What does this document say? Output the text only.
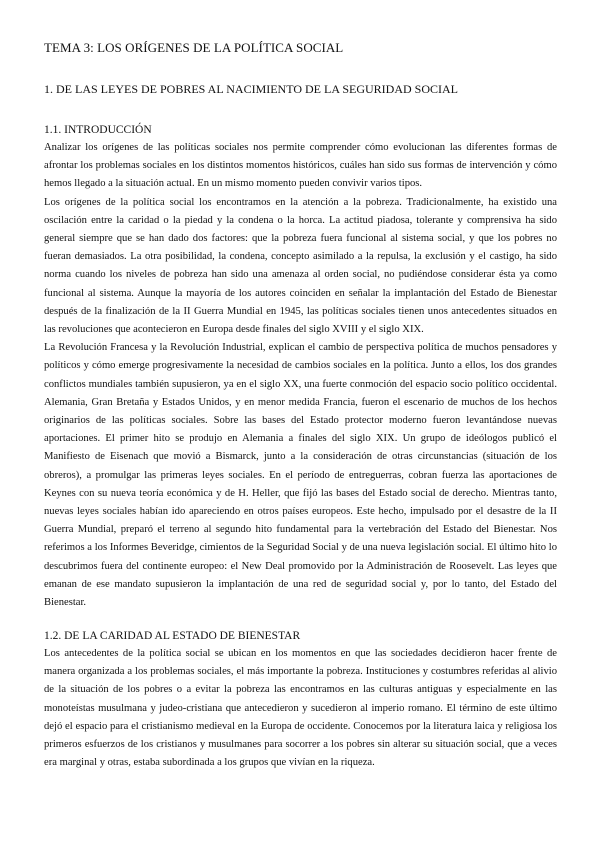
TEMA 3: LOS ORÍGENES DE LA POLÍTICA SOCIAL
1. DE LAS LEYES DE POBRES AL NACIMIENTO DE LA SEGURIDAD SOCIAL
1.1. INTRODUCCIÓN

Analizar los orígenes de las políticas sociales nos permite comprender cómo evolucionan las diferentes formas de afrontar los problemas sociales en los distintos momentos históricos, cuáles han sido sus formas de intervención y cómo hemos llegado a la situación actual. En un mismo momento pueden convivir varios tipos.

Los orígenes de la política social los encontramos en la atención a la pobreza. Tradicionalmente, ha existido una oscilación entre la caridad o la piedad y la condena o la horca. La actitud piadosa, tolerante y comprensiva ha sido general siempre que se han dado dos factores: que la pobreza fuera funcional al sistema social, y que los pobres no fueran demasiados. La otra posibilidad, la condena, concepto asimilado a la repulsa, la exclusión y el castigo, ha sido norma cuando los niveles de pobreza han sido una amenaza al orden social, no pudiéndose considerar ésta ya como funcional al sistema. Aunque la mayoría de los autores coinciden en señalar la implantación del Estado de Bienestar después de la finalización de la II Guerra Mundial en 1945, las políticas sociales tienen unos antecedentes situados en las revoluciones que acontecieron en Europa desde finales del siglo XVIII y el siglo XIX.

La Revolución Francesa y la Revolución Industrial, explican el cambio de perspectiva política de muchos pensadores y políticos y cómo emerge progresivamente la necesidad de cambios sociales en la política. Junto a ellos, los dos grandes conflictos mundiales también supusieron, ya en el siglo XX, una fuerte conmoción del espacio socio político occidental. Alemania, Gran Bretaña y Estados Unidos, y en menor medida Francia, fueron el escenario de muchos de los hechos originarios de las políticas sociales. Sobre las bases del Estado protector moderno fueron levantándose nuevas aportaciones. El primer hito se produjo en Alemania a finales del siglo XIX. Un grupo de ideólogos publicó el Manifiesto de Eisenach que movió a Bismarck, junto a la consideración de otras circunstancias (situación de los obreros), a promulgar las primeras leyes sociales. En el período de entreguerras, cobran fuerza las aportaciones de Keynes con su nueva teoría económica y de H. Heller, que fijó las bases del Estado social de derecho. Mientras tanto, nuevas leyes sociales habían ido apareciendo en otros países europeos. Este hecho, impulsado por el desastre de la II Guerra Mundial, preparó el terreno al segundo hito fundamental para la vertebración del Estado del Bienestar. Nos referimos a los Informes Beveridge, cimientos de la Seguridad Social y de una nueva legislación social. El último hito lo descubrimos fuera del continente europeo: el New Deal promovido por la Administración de Roosevelt. Las leyes que emanan de ese mandato supusieron la implantación de una red de seguridad social y, por lo tanto, del Estado del Bienestar.

1.2. DE LA CARIDAD AL ESTADO DE BIENESTAR

Los antecedentes de la política social se ubican en los momentos en que las sociedades decidieron hacer frente de manera organizada a los problemas sociales, el más importante la pobreza. Instituciones y costumbres referidas al alivio de la situación de los pobres o a evitar la pobreza las encontramos en las culturas antiguas y especialmente en las monoteístas musulmana y judeo-cristiana que antecedieron y sucedieron al imperio romano. El término de este último dejó el espacio para el cristianismo medieval en la Europa de occidente. Conocemos por la literatura laica y religiosa los primeros esfuerzos de los cristianos y musulmanes para socorrer a los pobres sin alterar su situación social, que a veces era marginal y otras, estaba subordinada a los grupos que vivían en la riqueza.
